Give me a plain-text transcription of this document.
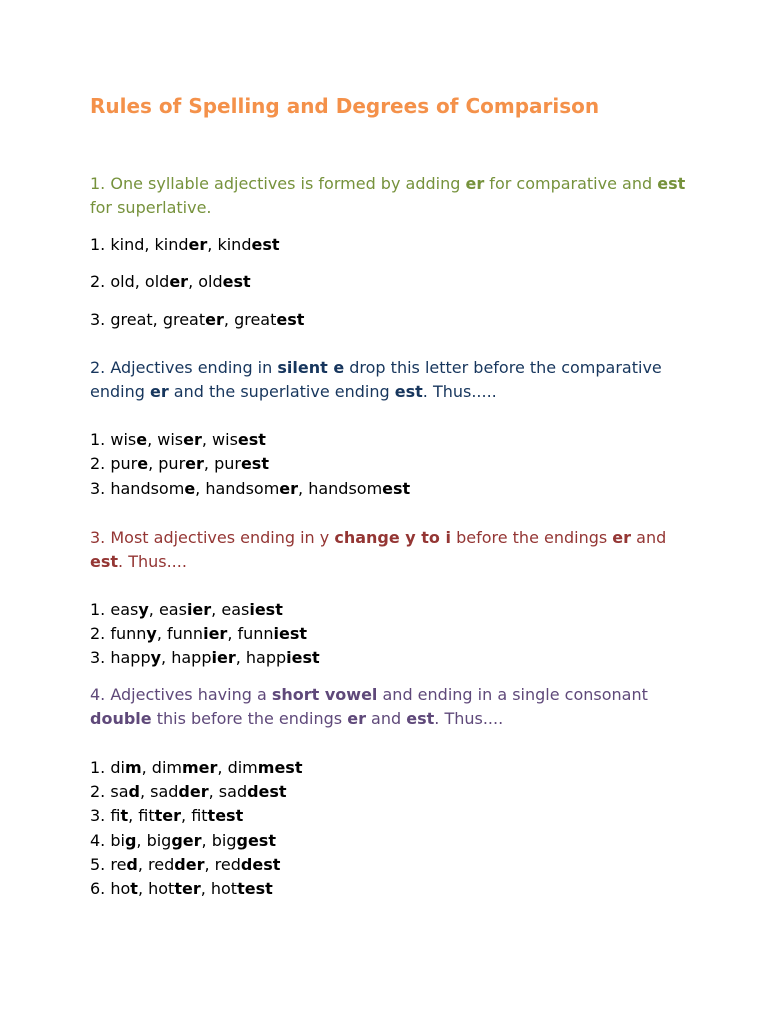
Rules of Spelling and Degrees of Comparison

1. One syllable adjectives is formed by adding er for comparative and est for superlative.

1. kind, kinder, kindest

2. old, older, oldest

3. great, greater, greatest

2. Adjectives ending in silent e drop this letter before the comparative ending er and the superlative ending est. Thus.....

1. wise, wiser, wisest

2. pure, purer, purest

3. handsome, handsomer, handsomest

3. Most adjectives ending in y change y to i before the endings er and est. Thus....

1. easy, easier, easiest

2. funny, funnier, funniest

3. happy, happier, happiest

4. Adjectives having a short vowel and ending in a single consonant double this before the endings er and est. Thus....

1. dim, dimmer, dimmest

2. sad, sadder, saddest

3. fit, fitter, fittest

4. big, bigger, biggest

5. red, redder, reddest

6. hot, hotter, hottest
